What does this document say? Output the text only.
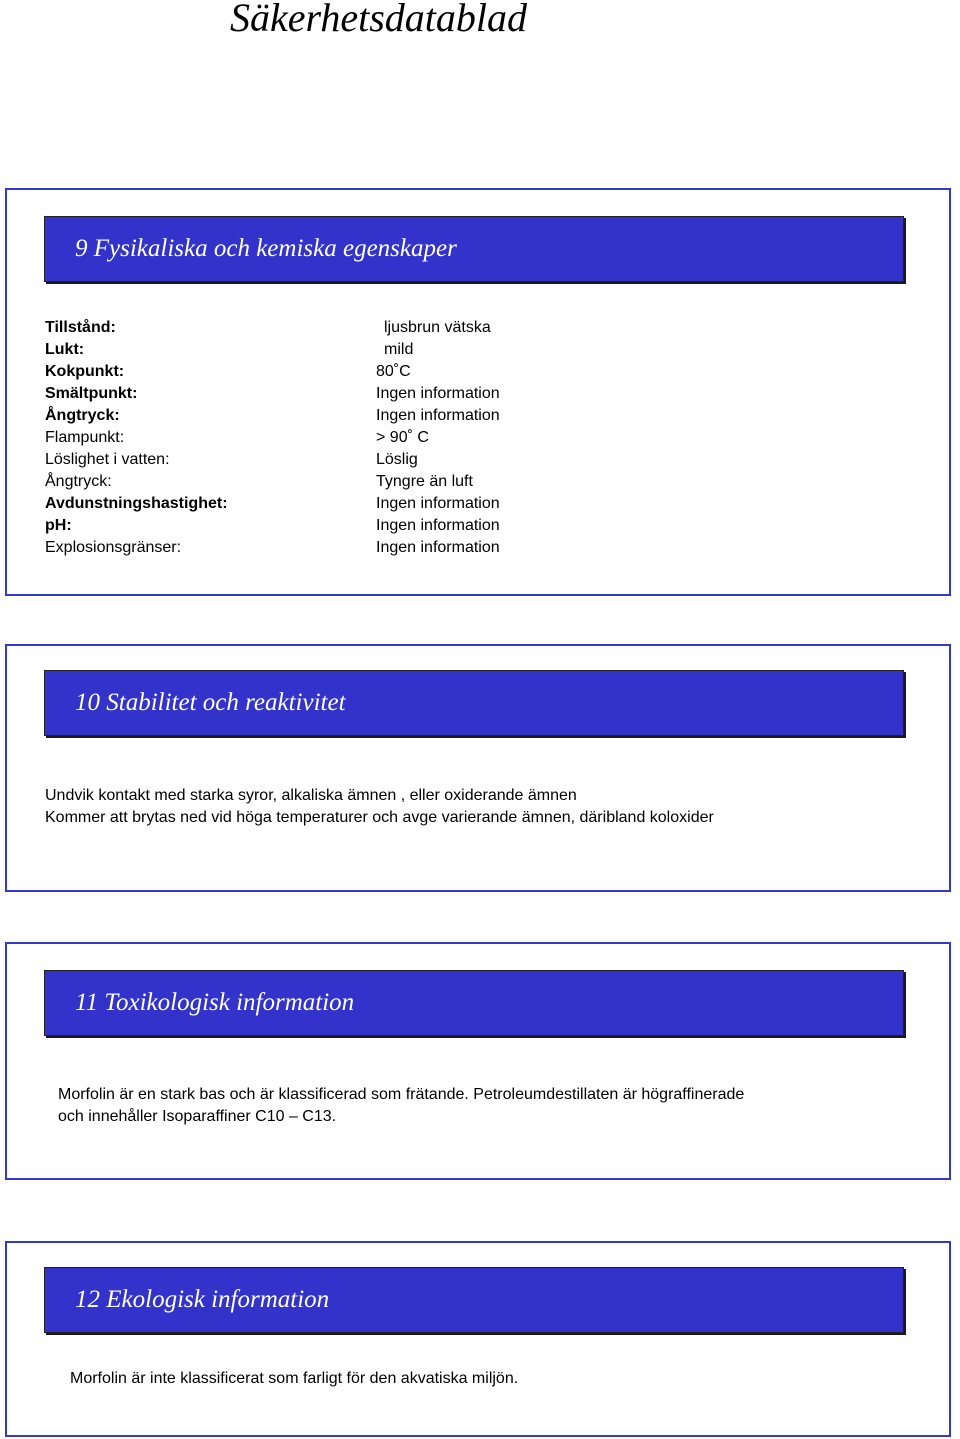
Säkerhetsdatablad
9 Fysikaliska och kemiska egenskaper
Tillstånd:	ljusbrun vätska
Lukt:	mild
Kokpunkt:	80˚C
Smältpunkt:	Ingen information
Ångtryck:	Ingen information
Flampunkt:	> 90˚ C
Löslighet i vatten:	Löslig
Ångtryck:	Tyngre än luft
Avdunstningshastighet:	Ingen information
pH:	Ingen information
Explosionsgränser:	Ingen information
10 Stabilitet och reaktivitet
Undvik kontakt med starka syror, alkaliska ämnen , eller oxiderande ämnen
Kommer att brytas ned vid höga temperaturer och avge varierande ämnen, däribland koloxider
11 Toxikologisk information
Morfolin är en stark bas och är klassificerad som frätande. Petroleumdestillaten är högraffinerade
och innehåller Isoparaffiner C10 – C13.
12 Ekologisk information
Morfolin är inte klassificerat som farligt för den akvatiska miljön.
